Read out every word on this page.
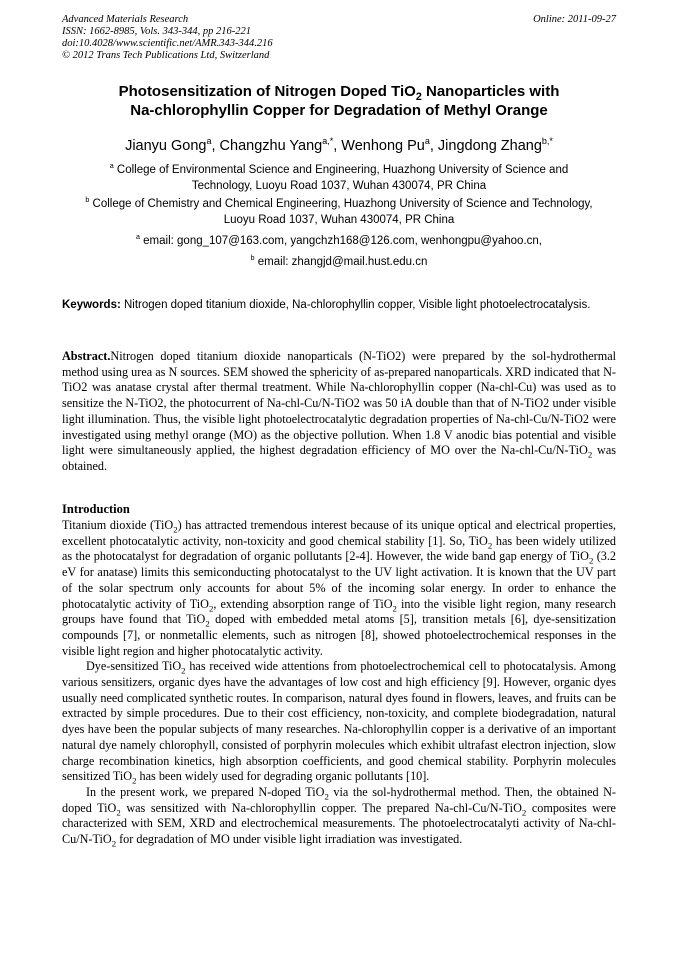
Advanced Materials Research
ISSN: 1662-8985, Vols. 343-344, pp 216-221
doi:10.4028/www.scientific.net/AMR.343-344.216
© 2012 Trans Tech Publications Ltd, Switzerland
Online: 2011-09-27
Photosensitization of Nitrogen Doped TiO$_2$ Nanoparticles with
Na-chlorophyllin Copper for Degradation of Methyl Orange
Jianyu Gong$^a$, Changzhu Yang$^{a,*}$, Wenhong Pu$^a$, Jingdong Zhang$^{b,*}$
$^a$ College of Environmental Science and Engineering, Huazhong University of Science and
Technology, Luoyu Road 1037, Wuhan 430074, PR China
$^b$ College of Chemistry and Chemical Engineering, Huazhong University of Science and Technology,
Luoyu Road 1037, Wuhan 430074, PR China
$^a$ email: gong_107@163.com, yangchzh168@126.com, wenhongpu@yahoo.cn,
$^b$ email: zhangjd@mail.hust.edu.cn
Keywords: Nitrogen doped titanium dioxide, Na-chlorophyllin copper, Visible light photoelectrocatalysis.

Abstract.Nitrogen doped titanium dioxide nanoparticals (N-TiO2) were prepared by the sol-hydrothermal method using urea as N sources. SEM showed the sphericity of as-prepared nanoparticals. XRD indicated that N-TiO2 was anatase crystal after thermal treatment. While Na-chlorophyllin copper (Na-chl-Cu) was used as to sensitize the N-TiO2, the photocurrent of Na-chl-Cu/N-TiO2 was 50 iA double than that of N-TiO2 under visible light illumination. Thus, the visible light photoelectrocatalytic degradation properties of Na-chl-Cu/N-TiO2 were investigated using methyl orange (MO) as the objective pollution. When 1.8 V anodic bias potential and visible light were simultaneously applied, the highest degradation efficiency of MO over the Na-chl-Cu/N-TiO$_2$ was obtained.

Introduction

Titanium dioxide (TiO$_2$) has attracted tremendous interest because of its unique optical and electrical properties, excellent photocatalytic activity, non-toxicity and good chemical stability [1]. So, TiO$_2$ has been widely utilized as the photocatalyst for degradation of organic pollutants [2-4]. However, the wide band gap energy of TiO$_2$ (3.2 eV for anatase) limits this semiconducting photocatalyst to the UV light activation. It is known that the UV part of the solar spectrum only accounts for about 5% of the incoming solar energy. In order to enhance the photocatalytic activity of TiO$_2$, extending absorption range of TiO$_2$ into the visible light region, many research groups have found that TiO$_2$ doped with embedded metal atoms [5], transition metals [6], dye-sensitization compounds [7], or nonmetallic elements, such as nitrogen [8], showed photoelectrochemical responses in the visible light region and higher photocatalytic activity.

Dye-sensitized TiO$_2$ has received wide attentions from photoelectrochemical cell to photocatalysis. Among various sensitizers, organic dyes have the advantages of low cost and high efficiency [9]. However, organic dyes usually need complicated synthetic routes. In comparison, natural dyes found in flowers, leaves, and fruits can be extracted by simple procedures. Due to their cost efficiency, non-toxicity, and complete biodegradation, natural dyes have been the popular subjects of many researches. Na-chlorophyllin copper is a derivative of an important natural dye namely chlorophyll, consisted of porphyrin molecules which exhibit ultrafast electron injection, slow charge recombination kinetics, high absorption coefficients, and good chemical stability. Porphyrin molecules sensitized TiO$_2$ has been widely used for degrading organic pollutants [10].

In the present work, we prepared N-doped TiO$_2$ via the sol-hydrothermal method. Then, the obtained N-doped TiO$_2$ was sensitized with Na-chlorophyllin copper. The prepared Na-chl-Cu/N-TiO$_2$ composites were characterized with SEM, XRD and electrochemical measurements. The photoelectrocatalyti activity of Na-chl-Cu/N-TiO$_2$ for degradation of MO under visible light irradiation was investigated.
